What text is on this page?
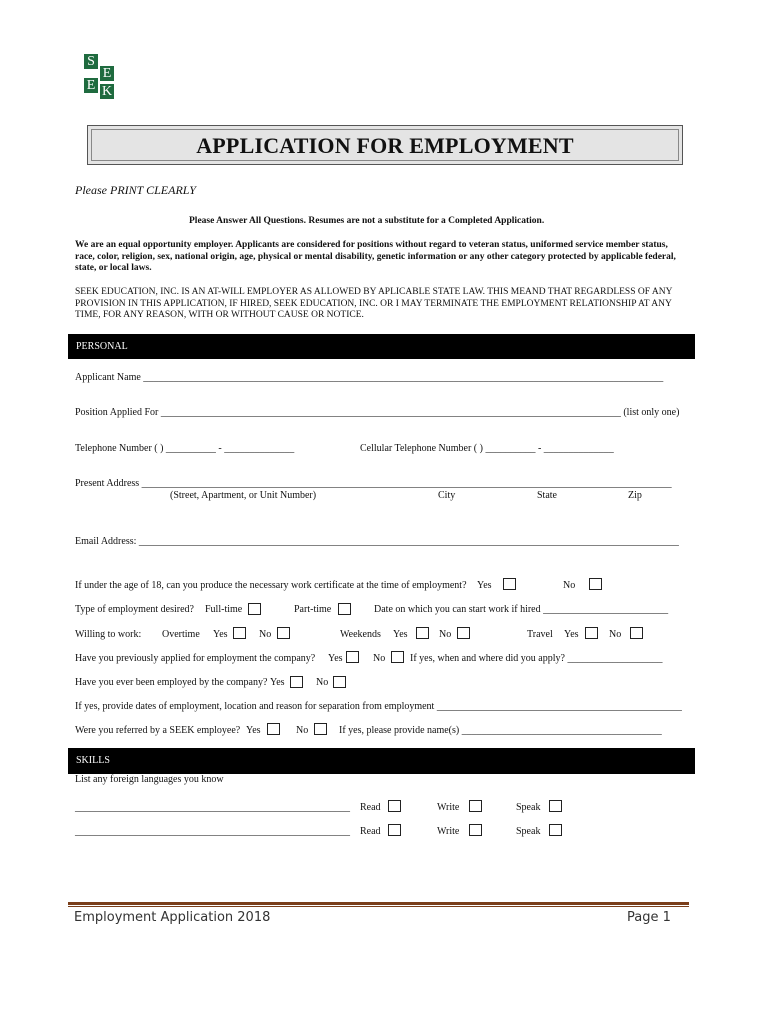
S
E
E K
APPLICATION FOR EMPLOYMENT
Please PRINT CLEARLY
Please Answer All Questions. Resumes are not a substitute for a Completed Application.
We are an equal opportunity employer. Applicants are considered for positions without regard to veteran status, uniformed service member status, race, color, religion, sex, national origin, age, physical or mental disability, genetic information or any other category protected by applicable federal, state, or local laws.
SEEK EDUCATION, INC. IS AN AT-WILL EMPLOYER AS ALLOWED BY APLICABLE STATE LAW. THIS MEAND THAT REGARDLESS OF ANY PROVISION IN THIS APPLICATION, IF HIRED, SEEK EDUCATION, INC. OR I MAY TERMINATE THE EMPLOYMENT RELATIONSHIP AT ANY TIME, FOR ANY REASON, WITH OR WITHOUT CAUSE OR NOTICE.
PERSONAL
Applicant Name ________________________________________________________________________________________________________
Position Applied For ____________________________________________________________________________________________ (list only one)
Telephone Number ( ) __________ - ______________	Cellular Telephone Number ( ) __________ - ______________
Present Address __________________________________________________________________________________________________________
(Street, Apartment, or Unit Number)	City	State	Zip
Email Address: ____________________________________________________________________________________________________________
If under the age of 18, can you produce the necessary work certificate at the time of employment? Yes	No
Type of employment desired? Full-time	Part-time	Date on which you can start work if hired _________________________
Willing to work: Overtime Yes	No	Weekends Yes	No	Travel Yes	No
Have you previously applied for employment the company? Yes	No If yes, when and where did you apply? ___________________
Have you ever been employed by the company? Yes	No
If yes, provide dates of employment, location and reason for separation from employment _________________________________________________
Were you referred by a SEEK employee? Yes	No	If yes, please provide name(s) ________________________________________
SKILLS
List any foreign languages you know
_______________________________________________________ Read	Write	Speak
_______________________________________________________ Read	Write	Speak
Employment Application 2018	Page 1
